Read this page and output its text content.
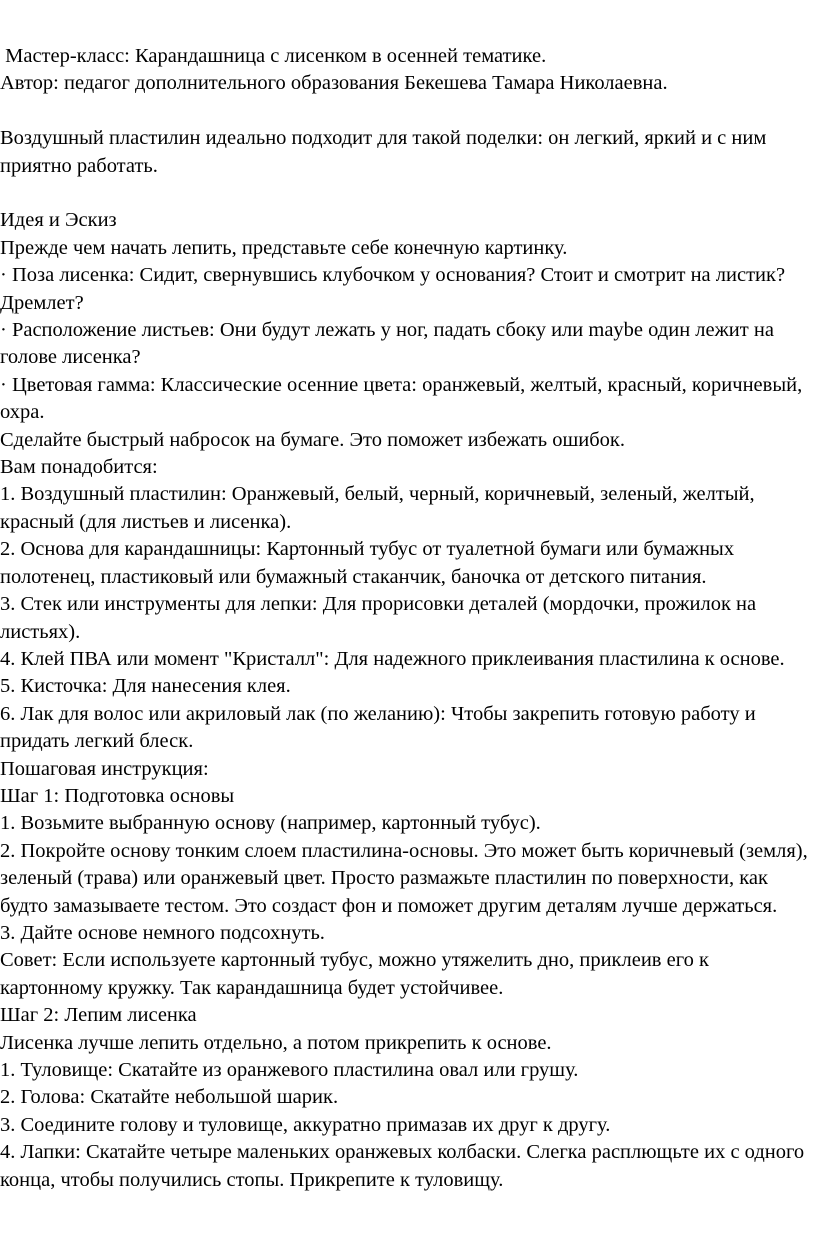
Мастер-класс: Карандашница с лисенком в осенней тематике.

Автор: педагог дополнительного образования Бекешева Тамара Николаевна.

Воздушный пластилин идеально подходит для такой поделки: он легкий, яркий и с ним приятно работать.

Идея и Эскиз

Прежде чем начать лепить, представьте себе конечную картинку.

· Поза лисенка: Сидит, свернувшись клубочком у основания? Стоит и смотрит на листик? Дремлет?

· Расположение листьев: Они будут лежать у ног, падать сбоку или maybe один лежит на голове лисенка?

· Цветовая гамма: Классические осенние цвета: оранжевый, желтый, красный, коричневый, охра.

Сделайте быстрый набросок на бумаге. Это поможет избежать ошибок.

Вам понадобится:

1. Воздушный пластилин: Оранжевый, белый, черный, коричневый, зеленый, желтый, красный (для листьев и лисенка).

2. Основа для карандашницы: Картонный тубус от туалетной бумаги или бумажных полотенец, пластиковый или бумажный стаканчик, баночка от детского питания.

3. Стек или инструменты для лепки: Для прорисовки деталей (мордочки, прожилок на листьях).

4. Клей ПВА или момент "Кристалл": Для надежного приклеивания пластилина к основе.

5. Кисточка: Для нанесения клея.

6. Лак для волос или акриловый лак (по желанию): Чтобы закрепить готовую работу и придать легкий блеск.

Пошаговая инструкция:

Шаг 1: Подготовка основы

1. Возьмите выбранную основу (например, картонный тубус).

2. Покройте основу тонким слоем пластилина-основы. Это может быть коричневый (земля), зеленый (трава) или оранжевый цвет. Просто размажьте пластилин по поверхности, как будто замазываете тестом. Это создаст фон и поможет другим деталям лучше держаться.

3. Дайте основе немного подсохнуть.

Совет: Если используете картонный тубус, можно утяжелить дно, приклеив его к картонному кружку. Так карандашница будет устойчивее.

Шаг 2: Лепим лисенка

Лисенка лучше лепить отдельно, а потом прикрепить к основе.

1. Туловище: Скатайте из оранжевого пластилина овал или грушу.

2. Голова: Скатайте небольшой шарик.

3. Соедините голову и туловище, аккуратно примазав их друг к другу.

4. Лапки: Скатайте четыре маленьких оранжевых колбаски. Слегка расплющьте их с одного конца, чтобы получились стопы. Прикрепите к туловищу.
